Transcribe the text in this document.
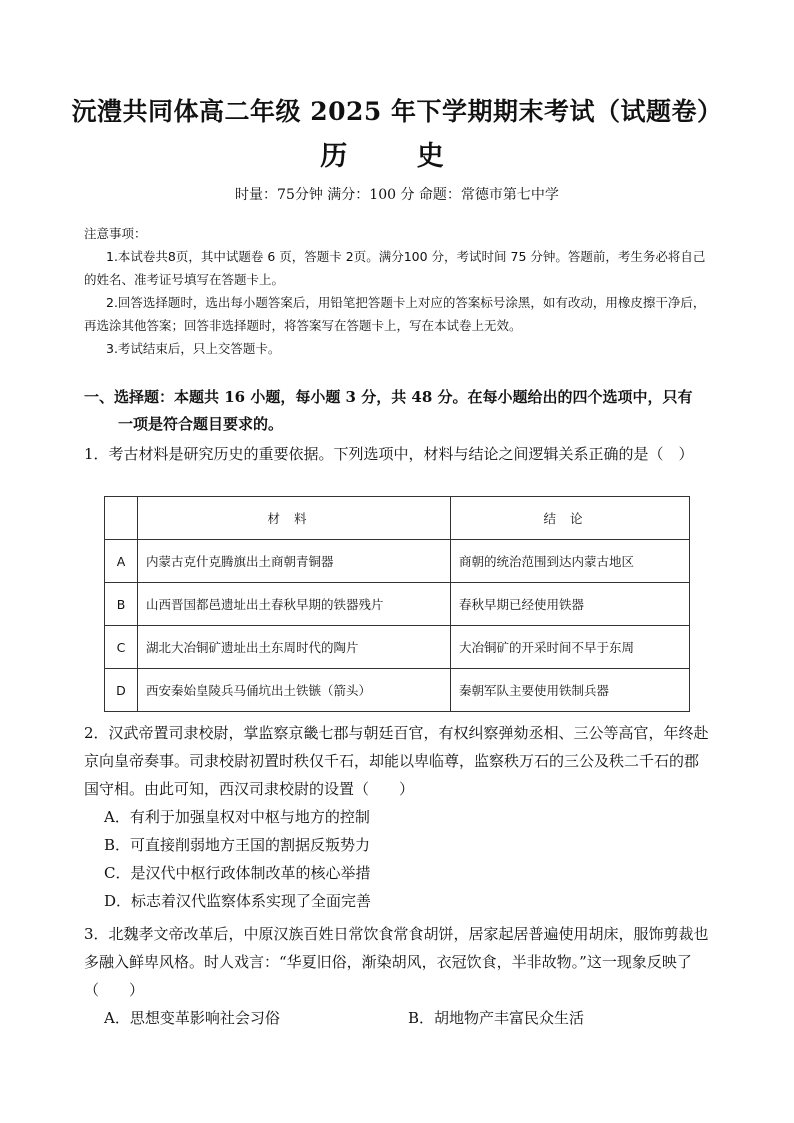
沅澧共同体高二年级 2025 年下学期期末考试（试题卷）
历 史
时量：75分钟 满分：100 分 命题：常德市第七中学
注意事项：
1.本试卷共8页，其中试题卷 6 页，答题卡 2页。满分100 分，考试时间 75 分钟。答题前，考生务必将自己的姓名、准考证号填写在答题卡上。
2.回答选择题时，选出每小题答案后，用铅笔把答题卡上对应的答案标号涂黑，如有改动，用橡皮擦干净后，再选涂其他答案；回答非选择题时，将答案写在答题卡上，写在本试卷上无效。
3.考试结束后，只上交答题卡。
一、选择题：本题共 16 小题，每小题 3 分，共 48 分。在每小题给出的四个选项中，只有
一项是符合题目要求的。
1．考古材料是研究历史的重要依据。下列选项中，材料与结论之间逻辑关系正确的是（　）
	材料	结论
A	内蒙古克什克腾旗出土商朝青铜器	商朝的统治范围到达内蒙古地区
B	山西晋国都邑遗址出土春秋早期的铁器残片	春秋早期已经使用铁器
C	湖北大冶铜矿遗址出土东周时代的陶片	大冶铜矿的开采时间不早于东周
D	西安秦始皇陵兵马俑坑出土铁镞（箭头）	秦朝军队主要使用铁制兵器
2．汉武帝置司隶校尉，掌监察京畿七郡与朝廷百官，有权纠察弹劾丞相、三公等高官，年终赴京向皇帝奏事。司隶校尉初置时秩仅千石，却能以卑临尊，监察秩万石的三公及秩二千石的郡国守相。由此可知，西汉司隶校尉的设置（　　）
A．有利于加强皇权对中枢与地方的控制
B．可直接削弱地方王国的割据反叛势力
C．是汉代中枢行政体制改革的核心举措
D．标志着汉代监察体系实现了全面完善
3．北魏孝文帝改革后，中原汉族百姓日常饮食常食胡饼，居家起居普遍使用胡床，服饰剪裁也多融入鲜卑风格。时人戏言：“华夏旧俗，渐染胡风，衣冠饮食，半非故物。”这一现象反映了（　　）
A．思想变革影响社会习俗	B．胡地物产丰富民众生活
